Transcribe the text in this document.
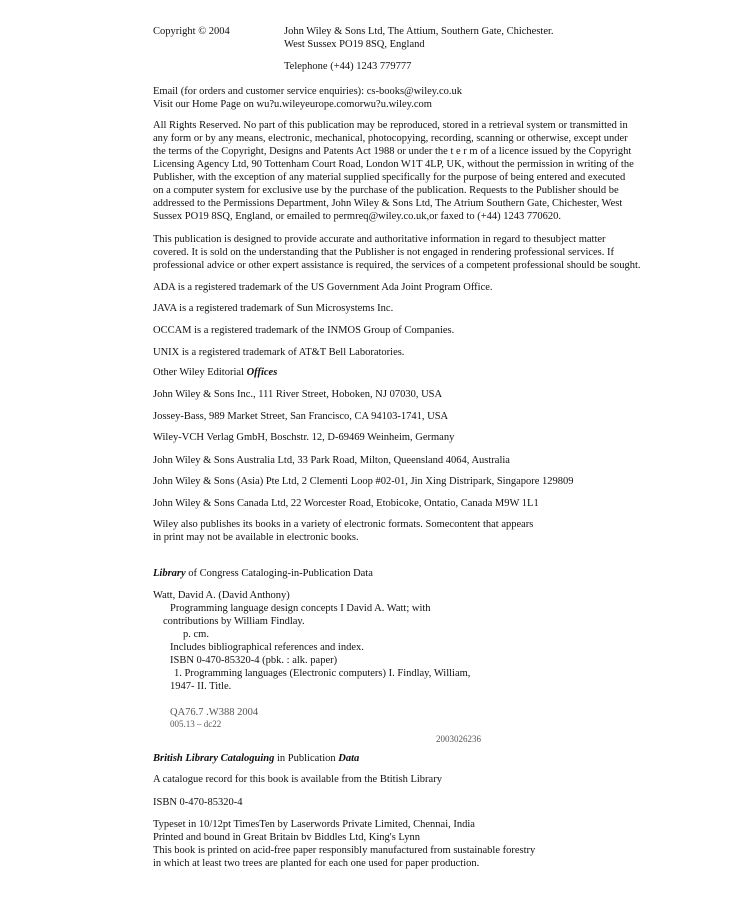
Copyright © 2004	John Wiley & Sons Ltd, The Attium, Southern Gate, Chichester.
West Sussex PO19 8SQ, England
Telephone (+44) 1243 779777
Email (for orders and customer service enquiries): cs-books@wiley.co.uk
Visit our Home Page on wu?u.wileyeurope.comorwu?u.wiley.com
All Rights Reserved. No part of this publication may be reproduced, stored in a retrieval system or transmitted in
any form or by any means, electronic, mechanical, photocopying, recording, scanning or otherwise, except under
the terms of the Copyright, Designs and Patents Act 1988 or under the t e r m of a licence issued by the Copyright
Licensing Agency Ltd, 90 Tottenham Court Road, London W1T 4LP, UK, without the permission in writing of the
Publisher, with the exception of any material supplied specifically for the purpose of being entered and executed
on a computer system for exclusive use by the purchase of the publication. Requests to the Publisher should be
addressed to the Permissions Department, John Wiley & Sons Ltd, The Atrium Southern Gate, Chichester, West
Sussex PO19 8SQ, England, or emailed to permreq@wiley.co.uk,or faxed to (+44) 1243 770620.
This publication is designed to provide accurate and authoritative information in regard to thesubject matter
covered. It is sold on the understanding that the Publisher is not engaged in rendering professional services. If
professional advice or other expert assistance is required, the services of a competent professional should be sought.
ADA is a registered trademark of the US Government Ada Joint Program Office.
JAVA is a registered trademark of Sun Microsystems Inc.
OCCAM is a registered trademark of the INMOS Group of Companies.
UNIX is a registered trademark of AT&T Bell Laboratories.
Other Wiley Editorial Offices
John Wiley & Sons Inc., 111 River Street, Hoboken, NJ 07030, USA
Jossey-Bass, 989 Market Street, San Francisco, CA 94103-1741, USA
Wiley-VCH Verlag GmbH, Boschstr. 12, D-69469 Weinheim, Germany
John Wiley & Sons Australia Ltd, 33 Park Road, Milton, Queensland 4064, Australia
John Wiley & Sons (Asia) Pte Ltd, 2 Clementi Loop #02-01, Jin Xing Distripark, Singapore 129809
John Wiley & Sons Canada Ltd, 22 Worcester Road, Etobicoke, Ontatio, Canada M9W 1L1
Wiley also publishes its books in a variety of electronic formats. Somecontent that appears
in print may not be available in electronic books.
Library of Congress Cataloging-in-Publication Data
Watt, David A. (David Anthony)
Programming language design concepts I David A. Watt; with
contributions by William Findlay.
p. cm.
Includes bibliographical references and index.
ISBN 0-470-85320-4 (pbk. : alk. paper)
1. Programming languages (Electronic computers) I. Findlay, William,
1947- II. Title.
QA76.7 .W388 2004
005.13 – dc22
2003026236
British Library Cataloguing in Publication Data
A catalogue record for this book is available from the Btitish Library
ISBN 0-470-85320-4
Typeset in 10/12pt TimesTen by Laserwords Private Limited, Chennai, India
Printed and bound in Great Britain bv Biddles Ltd, King's Lynn
This book is printed on acid-free paper responsibly manufactured from sustainable forestry
in which at least two trees are planted for each one used for paper production.
